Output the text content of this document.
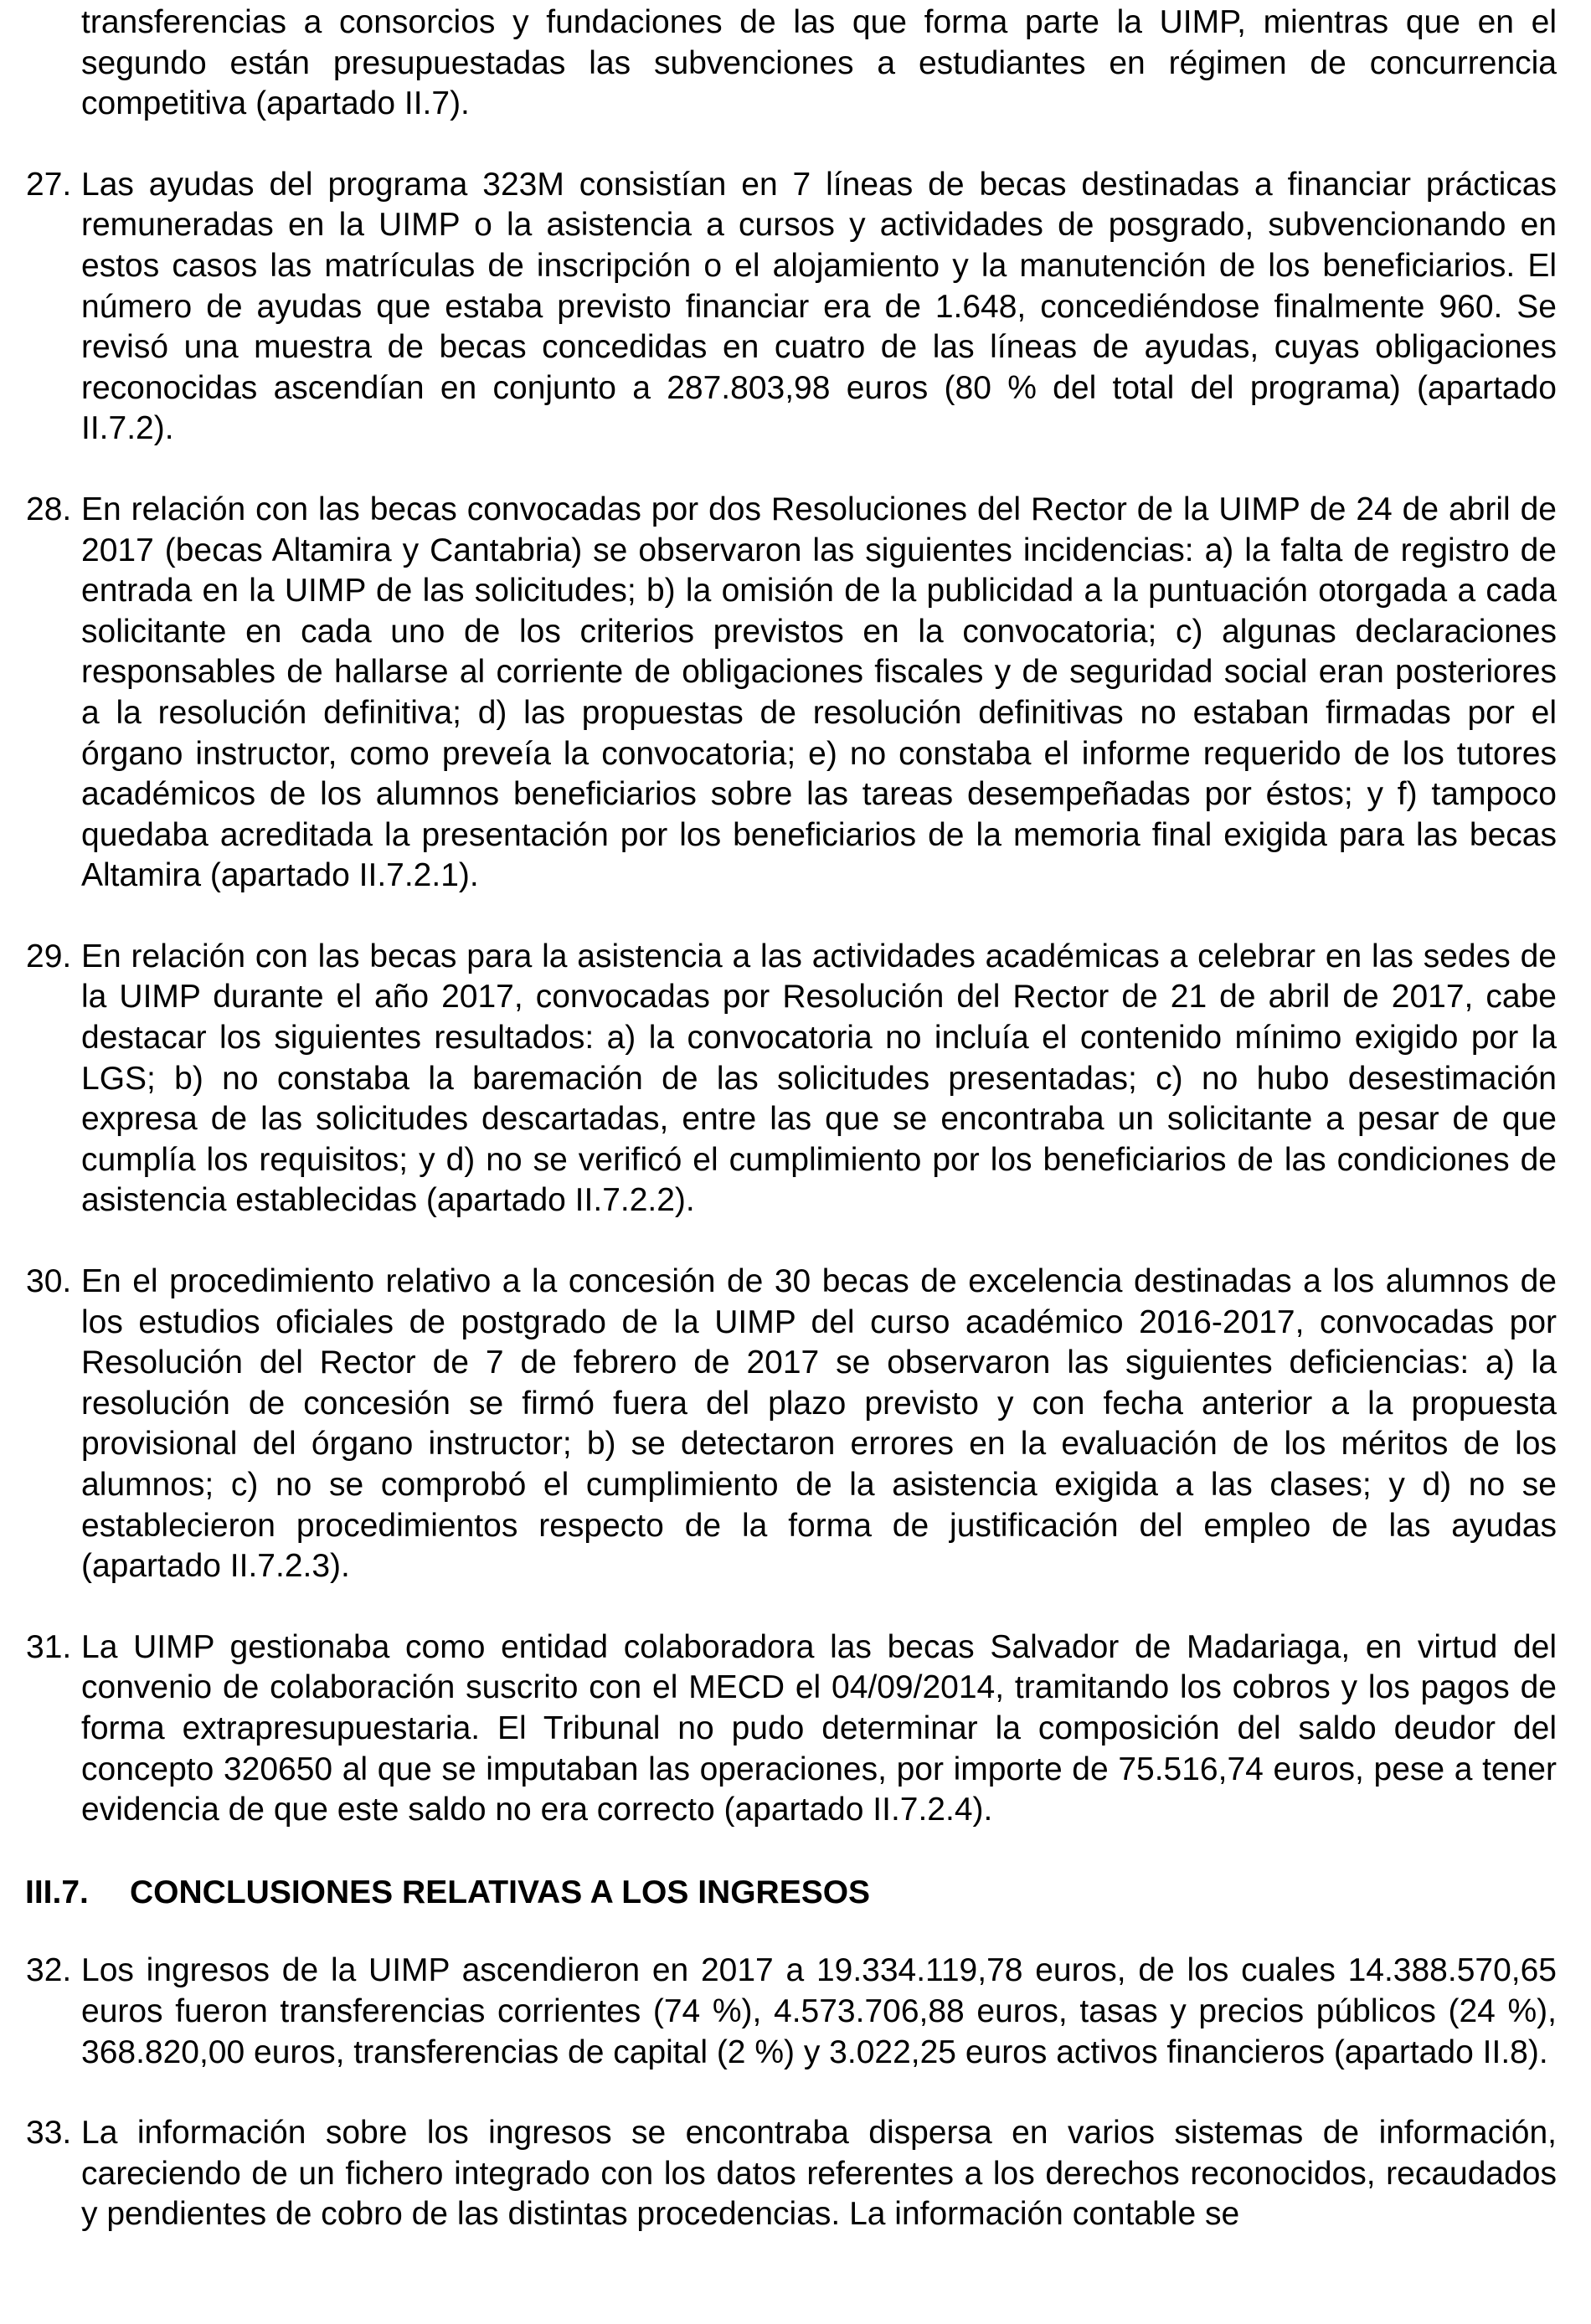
transferencias a consorcios y fundaciones de las que forma parte la UIMP, mientras que en el segundo están presupuestadas las subvenciones a estudiantes en régimen de concurrencia competitiva (apartado II.7).

27. Las ayudas del programa 323M consistían en 7 líneas de becas destinadas a financiar prácticas remuneradas en la UIMP o la asistencia a cursos y actividades de posgrado, subvencionando en estos casos las matrículas de inscripción o el alojamiento y la manutención de los beneficiarios. El número de ayudas que estaba previsto financiar era de 1.648, concediéndose finalmente 960. Se revisó una muestra de becas concedidas en cuatro de las líneas de ayudas, cuyas obligaciones reconocidas ascendían en conjunto a 287.803,98 euros (80 % del total del programa) (apartado II.7.2).
28. En relación con las becas convocadas por dos Resoluciones del Rector de la UIMP de 24 de abril de 2017 (becas Altamira y Cantabria) se observaron las siguientes incidencias: a) la falta de registro de entrada en la UIMP de las solicitudes; b) la omisión de la publicidad a la puntuación otorgada a cada solicitante en cada uno de los criterios previstos en la convocatoria; c) algunas declaraciones responsables de hallarse al corriente de obligaciones fiscales y de seguridad social eran posteriores a la resolución definitiva; d) las propuestas de resolución definitivas no estaban firmadas por el órgano instructor, como preveía la convocatoria; e) no constaba el informe requerido de los tutores académicos de los alumnos beneficiarios sobre las tareas desempeñadas por éstos; y f) tampoco quedaba acreditada la presentación por los beneficiarios de la memoria final exigida para las becas Altamira (apartado II.7.2.1).
29. En relación con las becas para la asistencia a las actividades académicas a celebrar en las sedes de la UIMP durante el año 2017, convocadas por Resolución del Rector de 21 de abril de 2017, cabe destacar los siguientes resultados: a) la convocatoria no incluía el contenido mínimo exigido por la LGS; b) no constaba la baremación de las solicitudes presentadas; c) no hubo desestimación expresa de las solicitudes descartadas, entre las que se encontraba un solicitante a pesar de que cumplía los requisitos; y d) no se verificó el cumplimiento por los beneficiarios de las condiciones de asistencia establecidas (apartado II.7.2.2).
30. En el procedimiento relativo a la concesión de 30 becas de excelencia destinadas a los alumnos de los estudios oficiales de postgrado de la UIMP del curso académico 2016-2017, convocadas por Resolución del Rector de 7 de febrero de 2017 se observaron las siguientes deficiencias: a) la resolución de concesión se firmó fuera del plazo previsto y con fecha anterior a la propuesta provisional del órgano instructor; b) se detectaron errores en la evaluación de los méritos de los alumnos; c) no se comprobó el cumplimiento de la asistencia exigida a las clases; y d) no se establecieron procedimientos respecto de la forma de justificación del empleo de las ayudas (apartado II.7.2.3).
31. La UIMP gestionaba como entidad colaboradora las becas Salvador de Madariaga, en virtud del convenio de colaboración suscrito con el MECD el 04/09/2014, tramitando los cobros y los pagos de forma extrapresupuestaria. El Tribunal no pudo determinar la composición del saldo deudor del concepto 320650 al que se imputaban las operaciones, por importe de 75.516,74 euros, pese a tener evidencia de que este saldo no era correcto (apartado II.7.2.4).
III.7. CONCLUSIONES RELATIVAS A LOS INGRESOS
32. Los ingresos de la UIMP ascendieron en 2017 a 19.334.119,78 euros, de los cuales 14.388.570,65 euros fueron transferencias corrientes (74 %), 4.573.706,88 euros, tasas y precios públicos (24 %), 368.820,00 euros, transferencias de capital (2 %) y 3.022,25 euros activos financieros (apartado II.8).
33. La información sobre los ingresos se encontraba dispersa en varios sistemas de información, careciendo de un fichero integrado con los datos referentes a los derechos reconocidos, recaudados y pendientes de cobro de las distintas procedencias. La información contable se
